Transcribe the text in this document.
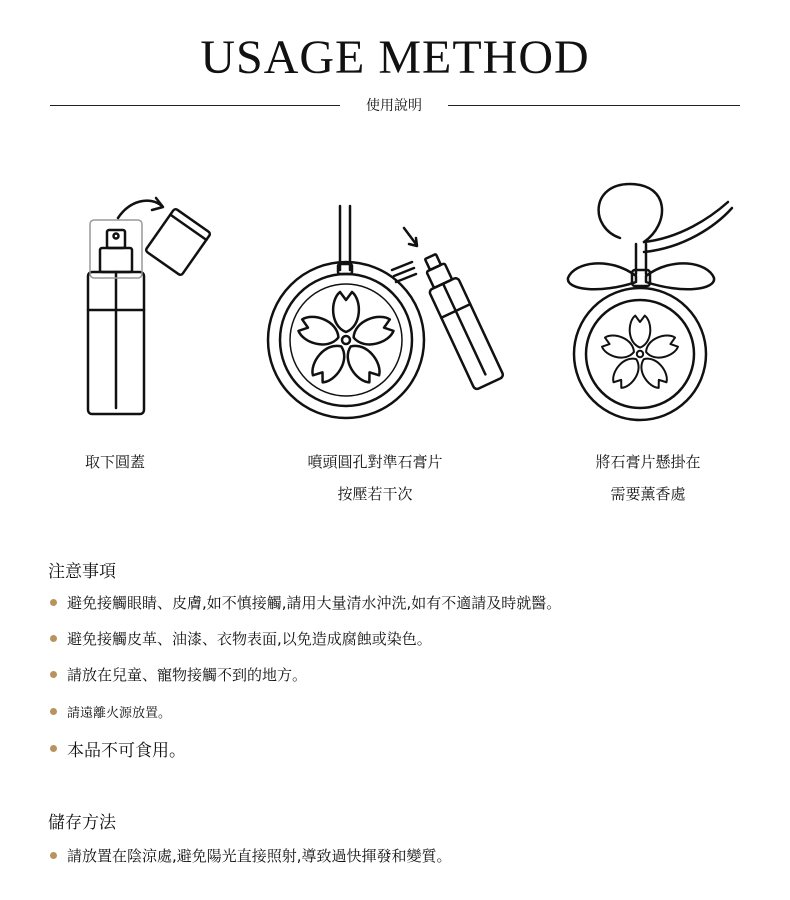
USAGE METHOD
使用說明
取下圓蓋	噴頭圓孔對準石膏片
按壓若干次
將石膏片懸掛在
需要薰香處
注意事項
避免接觸眼睛、皮膚,如不慎接觸,請用大量清水沖洗,如有不適請及時就醫。
避免接觸皮革、油漆、衣物表面,以免造成腐蝕或染色。
請放在兒童、寵物接觸不到的地方。
請遠離火源放置。
本品不可食用。
儲存方法
請放置在陰涼處,避免陽光直接照射,導致過快揮發和變質。
